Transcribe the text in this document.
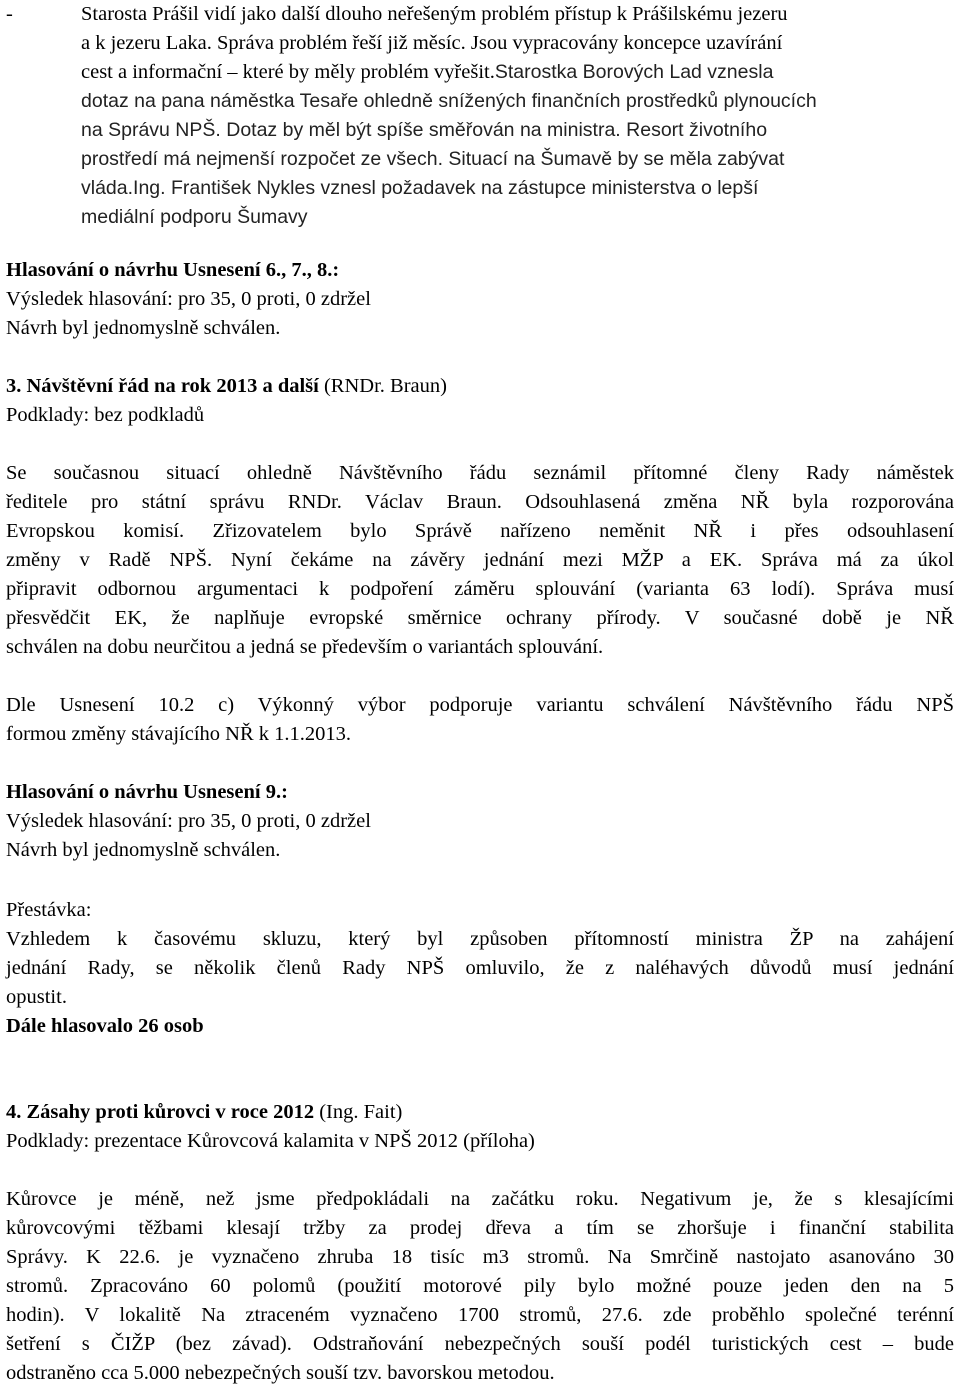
-	Starosta Prášil vidí jako další dlouho neřešeným problém přístup k Prášilskému jezeru
a k jezeru Laka. Správa problém řeší již měsíc. Jsou vypracovány koncepce uzavírání
cest a informační – které by měly problém vyřešit.Starostka Borových Lad vznesla
dotaz na pana náměstka Tesaře ohledně snížených finančních prostředků plynoucích
na Správu NPŠ. Dotaz by měl být spíše směřován na ministra. Resort životního
prostředí má nejmenší rozpočet ze všech. Situací na Šumavě by se měla zabývat
vláda.Ing. František Nykles vznesl požadavek na zástupce ministerstva o lepší
mediální podporu Šumavy
Hlasování o návrhu Usnesení 6., 7., 8.:
Výsledek hlasování: pro 35, 0 proti, 0 zdržel
Návrh byl jednomyslně schválen.
3. Návštěvní řád na rok 2013 a další (RNDr. Braun)
Podklady: bez podkladů
Se současnou situací ohledně Návštěvního řádu seznámil přítomné členy Rady náměstek
ředitele pro státní správu RNDr. Václav Braun. Odsouhlasená změna NŘ byla rozporována
Evropskou komisí. Zřizovatelem bylo Správě nařízeno neměnit NŘ i přes odsouhlasení
změny v Radě NPŠ. Nyní čekáme na závěry jednání mezi MŽP a EK. Správa má za úkol
připravit odbornou argumentaci k podpoření záměru splouvání (varianta 63 lodí). Správa musí
přesvědčit EK, že naplňuje evropské směrnice ochrany přírody. V současné době je NŘ
schválen na dobu neurčitou a jedná se především o variantách splouvání.
Dle Usnesení 10.2 c) Výkonný výbor podporuje variantu schválení Návštěvního řádu NPŠ
formou změny stávajícího NŘ k 1.1.2013.
Hlasování o návrhu Usnesení 9.:
Výsledek hlasování: pro 35, 0 proti, 0 zdržel
Návrh byl jednomyslně schválen.
Přestávka:
Vzhledem k časovému skluzu, který byl způsoben přítomností ministra ŽP na zahájení
jednání Rady, se několik členů Rady NPŠ omluvilo, že z naléhavých důvodů musí jednání
opustit.
Dále hlasovalo 26 osob
4. Zásahy proti kůrovci v roce 2012 (Ing. Fait)
Podklady: prezentace Kůrovcová kalamita v NPŠ 2012 (příloha)
Kůrovce je méně, než jsme předpokládali na začátku roku. Negativum je, že s klesajícími
kůrovcovými těžbami klesají tržby za prodej dřeva a tím se zhoršuje i finanční stabilita
Správy. K 22.6. je vyznačeno zhruba 18 tisíc m3 stromů. Na Smrčině nastojato asanováno 30
stromů. Zpracováno 60 polomů (použití motorové pily bylo možné pouze jeden den na 5
hodin). V lokalitě Na ztraceném vyznačeno 1700 stromů, 27.6. zde proběhlo společné terénní
šetření s ČIŽP (bez závad). Odstraňování nebezpečných souší podél turistických cest – bude
odstraněno cca 5.000 nebezpečných souší tzv. bavorskou metodou.
